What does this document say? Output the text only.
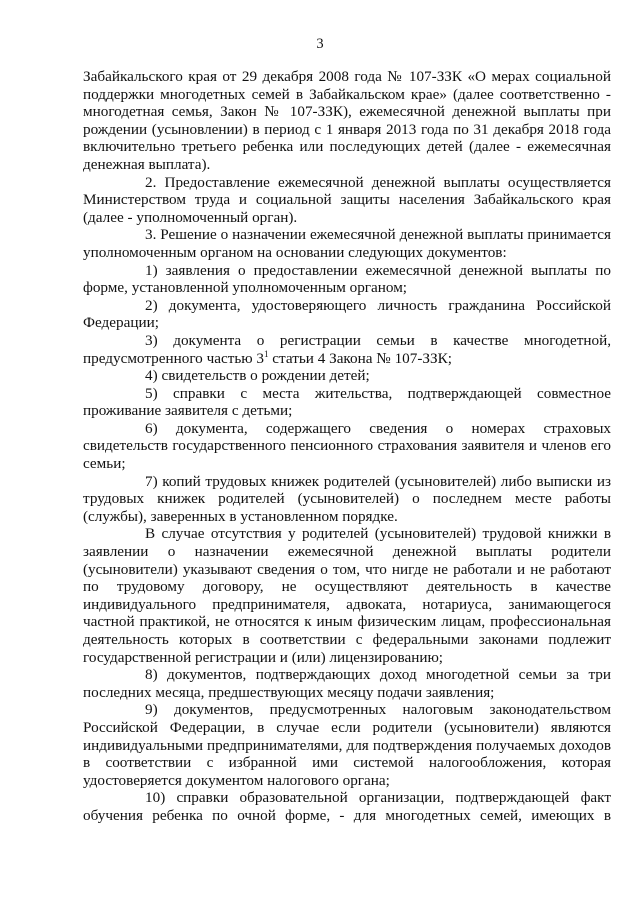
3

Забайкальского края от 29 декабря 2008 года № 107-ЗЗК «О мерах социальной поддержки многодетных семей в Забайкальском крае» (далее соответственно - многодетная семья, Закон № 107-ЗЗК), ежемесячной денежной выплаты при рождении (усыновлении) в период с 1 января 2013 года по 31 декабря 2018 года включительно третьего ребенка или последующих детей (далее - ежемесячная денежная выплата).

2. Предоставление ежемесячной денежной выплаты осуществляется Министерством труда и социальной защиты населения Забайкальского края (далее - уполномоченный орган).

3. Решение о назначении ежемесячной денежной выплаты принимается уполномоченным органом на основании следующих документов:

1) заявления о предоставлении ежемесячной денежной выплаты по форме, установленной уполномоченным органом;

2) документа, удостоверяющего личность гражданина Российской Федерации;

3) документа о регистрации семьи в качестве многодетной, предусмотренного частью $3^1$ статьи 4 Закона № 107-ЗЗК;

4) свидетельств о рождении детей;

5) справки с места жительства, подтверждающей совместное проживание заявителя с детьми;

6) документа, содержащего сведения о номерах страховых свидетельств государственного пенсионного страхования заявителя и членов его семьи;

7) копий трудовых книжек родителей (усыновителей) либо выписки из трудовых книжек родителей (усыновителей) о последнем месте работы (службы), заверенных в установленном порядке.

В случае отсутствия у родителей (усыновителей) трудовой книжки в заявлении о назначении ежемесячной денежной выплаты родители (усыновители) указывают сведения о том, что нигде не работали и не работают по трудовому договору, не осуществляют деятельность в качестве индивидуального предпринимателя, адвоката, нотариуса, занимающегося частной практикой, не относятся к иным физическим лицам, профессиональная деятельность которых в соответствии с федеральными законами подлежит государственной регистрации и (или) лицензированию;

8) документов, подтверждающих доход многодетной семьи за три последних месяца, предшествующих месяцу подачи заявления;

9) документов, предусмотренных налоговым законодательством Российской Федерации, в случае если родители (усыновители) являются индивидуальными предпринимателями, для подтверждения получаемых доходов в соответствии с избранной ими системой налогообложения, которая удостоверяется документом налогового органа;

10) справки образовательной организации, подтверждающей факт обучения ребенка по очной форме, - для многодетных семей, имеющих в
